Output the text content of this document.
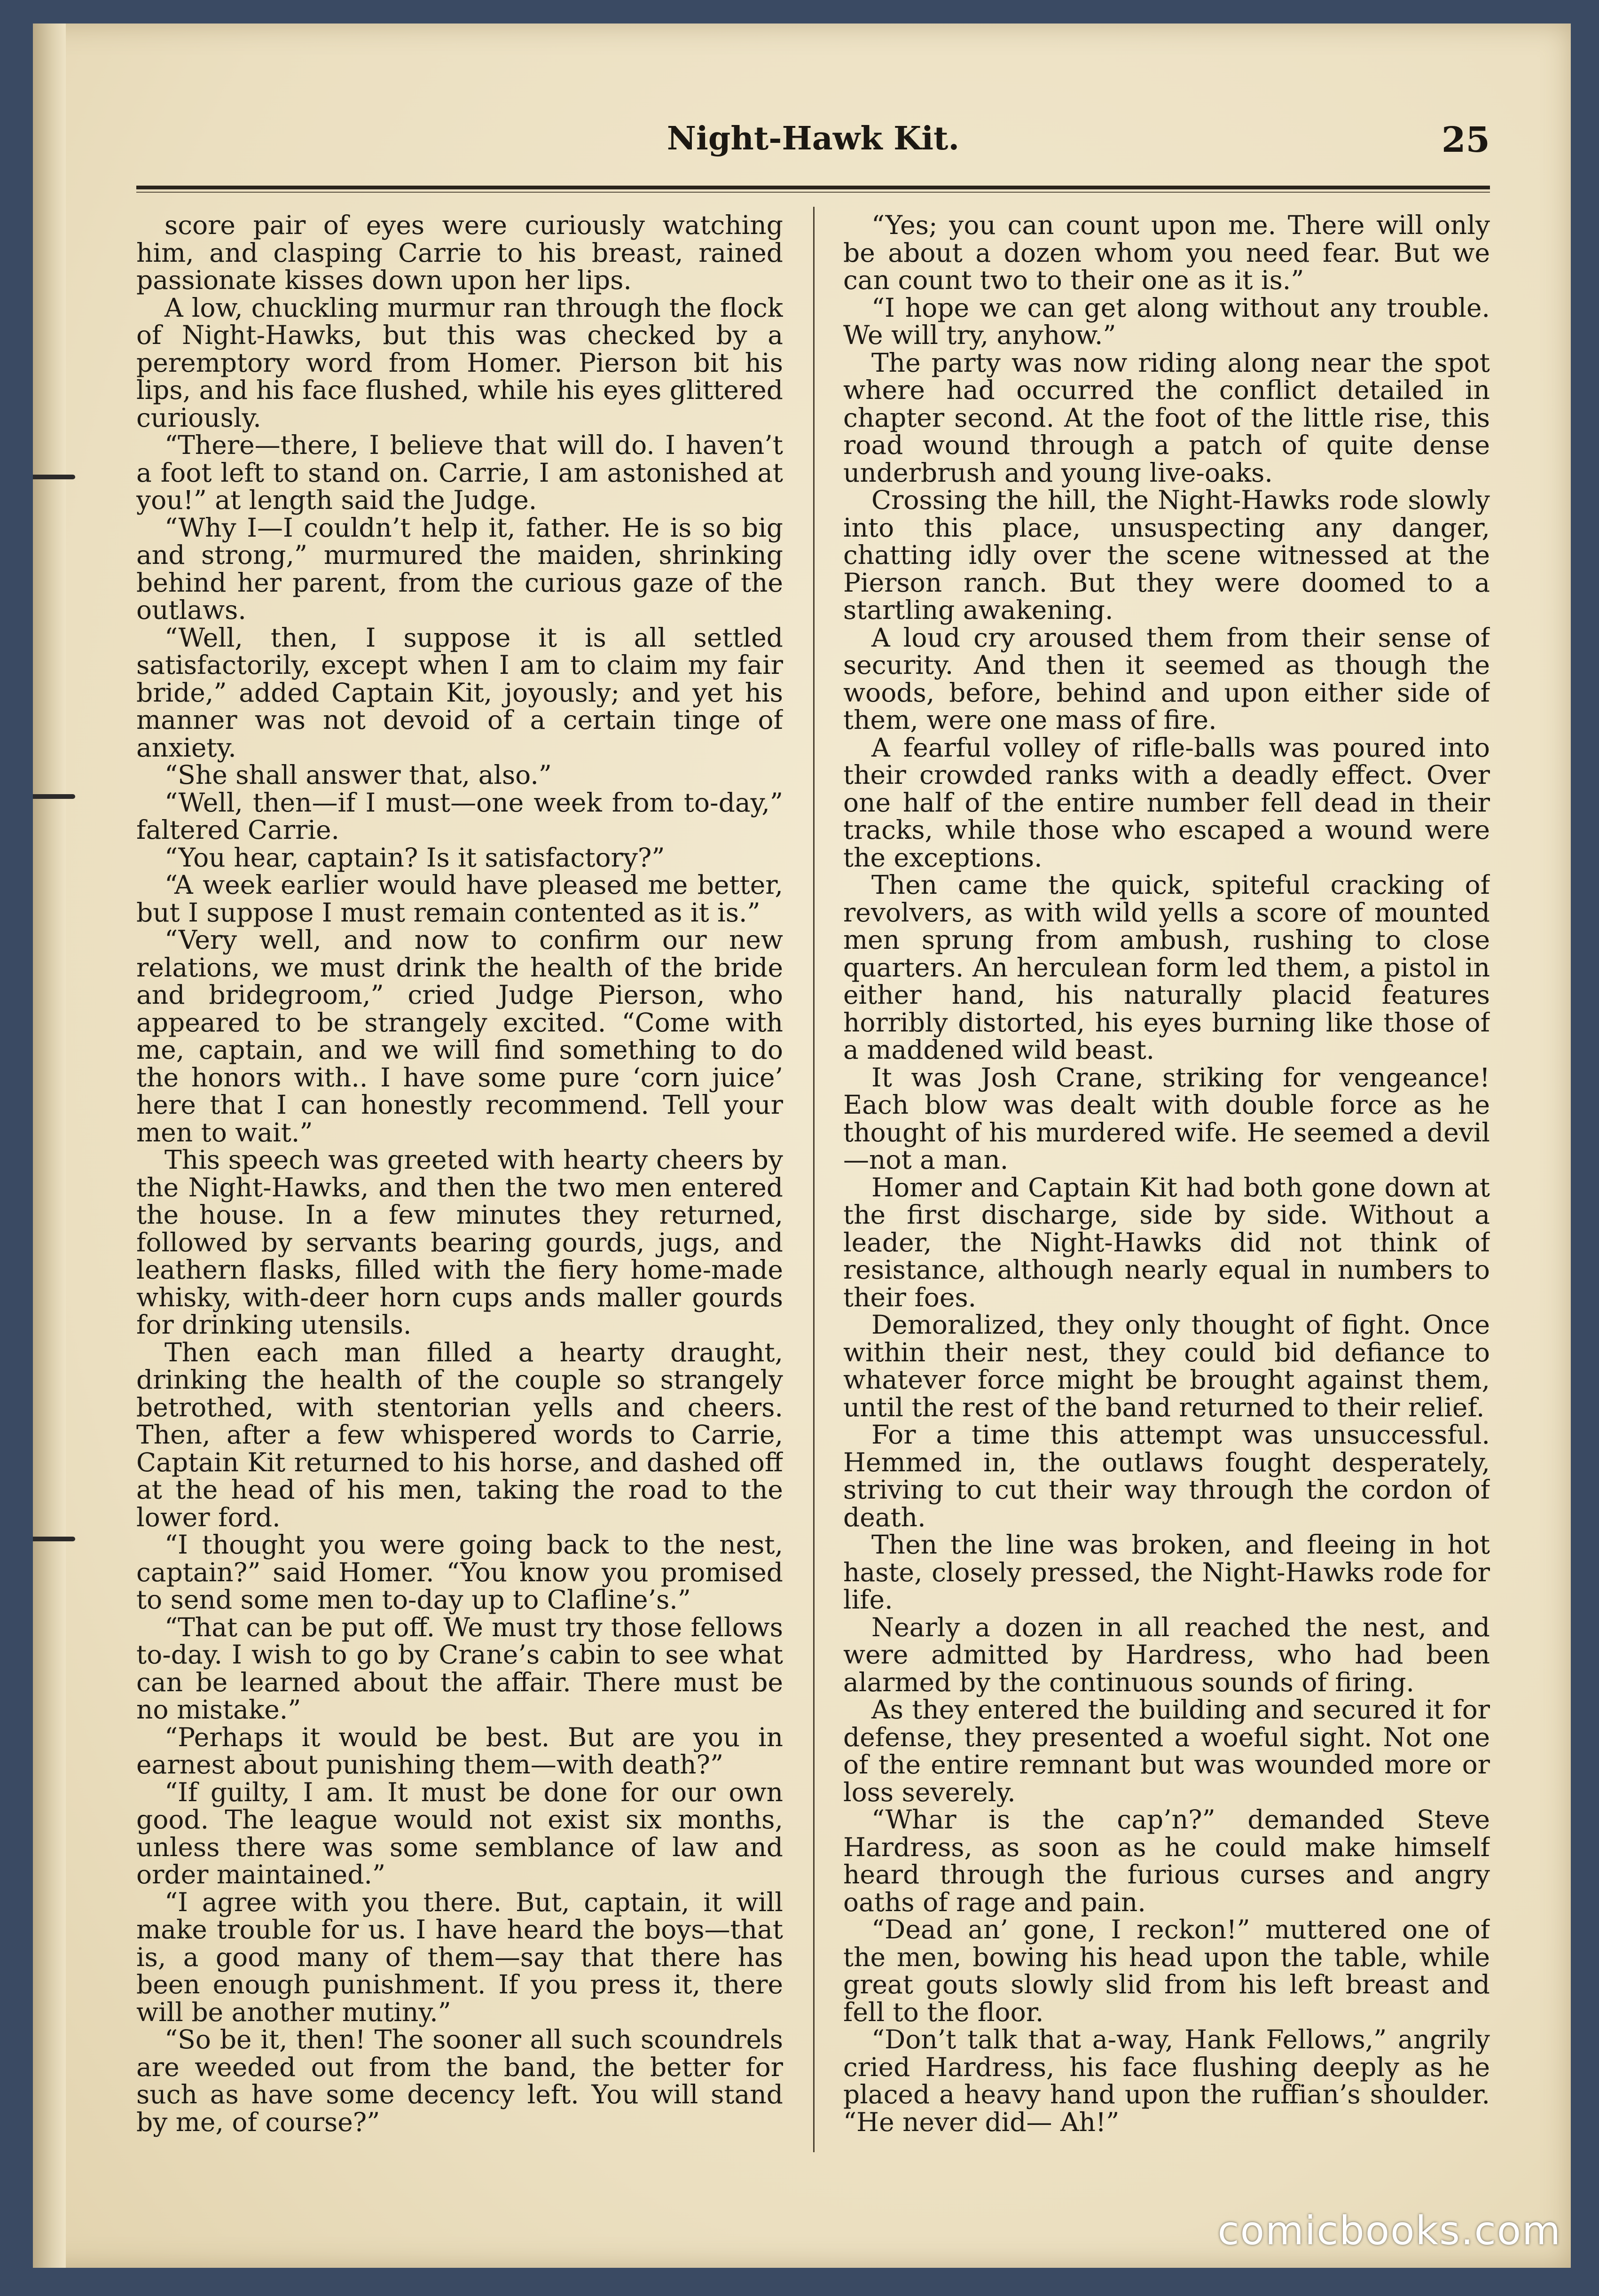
Night-Hawk Kit.	25

score pair of eyes were curiously watching him, and clasping Carrie to his breast, rained passionate kisses down upon her lips.

A low, chuckling murmur ran through the flock of Night-Hawks, but this was checked by a peremptory word from Homer. Pierson bit his lips, and his face flushed, while his eyes glittered curiously.

“There—there, I believe that will do. I haven’t a foot left to stand on. Carrie, I am astonished at you!” at length said the Judge.

“Why I—I couldn’t help it, father. He is so big and strong,” murmured the maiden, shrinking behind her parent, from the curious gaze of the outlaws.

“Well, then, I suppose it is all settled satisfactorily, except when I am to claim my fair bride,” added Captain Kit, joyously; and yet his manner was not devoid of a certain tinge of anxiety.

“She shall answer that, also.”

“Well, then—if I must—one week from to-day,” faltered Carrie.

“You hear, captain? Is it satisfactory?”

“A week earlier would have pleased me better, but I suppose I must remain contented as it is.”

“Very well, and now to confirm our new relations, we must drink the health of the bride and bridegroom,” cried Judge Pierson, who appeared to be strangely excited. “Come with me, captain, and we will find something to do the honors with.. I have some pure ‘corn juice’ here that I can honestly recommend. Tell your men to wait.”

This speech was greeted with hearty cheers by the Night-Hawks, and then the two men entered the house. In a few minutes they returned, followed by servants bearing gourds, jugs, and leathern flasks, filled with the fiery home-made whisky, with-deer horn cups ands maller gourds for drinking utensils.

Then each man filled a hearty draught, drinking the health of the couple so strangely betrothed, with stentorian yells and cheers. Then, after a few whispered words to Carrie, Captain Kit returned to his horse, and dashed off at the head of his men, taking the road to the lower ford.

“I thought you were going back to the nest, captain?” said Homer. “You know you promised to send some men to-day up to Clafline’s.”

“That can be put off. We must try those fellows to-day. I wish to go by Crane’s cabin to see what can be learned about the affair. There must be no mistake.”

“Perhaps it would be best. But are you in earnest about punishing them—with death?”

“If guilty, I am. It must be done for our own good. The league would not exist six months, unless there was some semblance of law and order maintained.”

“I agree with you there. But, captain, it will make trouble for us. I have heard the boys—that is, a good many of them—say that there has been enough punishment. If you press it, there will be another mutiny.”

“So be it, then! The sooner all such scoundrels are weeded out from the band, the better for such as have some decency left. You will stand by me, of course?”

“Yes; you can count upon me. There will only be about a dozen whom you need fear. But we can count two to their one as it is.”

“I hope we can get along without any trouble. We will try, anyhow.”

The party was now riding along near the spot where had occurred the conflict detailed in chapter second. At the foot of the little rise, this road wound through a patch of quite dense underbrush and young live-oaks.

Crossing the hill, the Night-Hawks rode slowly into this place, unsuspecting any danger, chatting idly over the scene witnessed at the Pierson ranch. But they were doomed to a startling awakening.

A loud cry aroused them from their sense of security. And then it seemed as though the woods, before, behind and upon either side of them, were one mass of fire.

A fearful volley of rifle-balls was poured into their crowded ranks with a deadly effect. Over one half of the entire number fell dead in their tracks, while those who escaped a wound were the exceptions.

Then came the quick, spiteful cracking of revolvers, as with wild yells a score of mounted men sprung from ambush, rushing to close quarters. An herculean form led them, a pistol in either hand, his naturally placid features horribly distorted, his eyes burning like those of a maddened wild beast.

It was Josh Crane, striking for vengeance! Each blow was dealt with double force as he thought of his murdered wife. He seemed a devil—not a man.

Homer and Captain Kit had both gone down at the first discharge, side by side. Without a leader, the Night-Hawks did not think of resistance, although nearly equal in numbers to their foes.

Demoralized, they only thought of fight. Once within their nest, they could bid defiance to whatever force might be brought against them, until the rest of the band returned to their relief.

For a time this attempt was unsuccessful. Hemmed in, the outlaws fought desperately, striving to cut their way through the cordon of death.

Then the line was broken, and fleeing in hot haste, closely pressed, the Night-Hawks rode for life.

Nearly a dozen in all reached the nest, and were admitted by Hardress, who had been alarmed by the continuous sounds of firing.

As they entered the building and secured it for defense, they presented a woeful sight. Not one of the entire remnant but was wounded more or loss severely.

“Whar is the cap’n?” demanded Steve Hardress, as soon as he could make himself heard through the furious curses and angry oaths of rage and pain.

“Dead an’ gone, I reckon!” muttered one of the men, bowing his head upon the table, while great gouts slowly slid from his left breast and fell to the floor.

“Don’t talk that a-way, Hank Fellows,” angrily cried Hardress, his face flushing deeply as he placed a heavy hand upon the ruffian’s shoulder. “He never did— Ah!”

comicbooks.com
